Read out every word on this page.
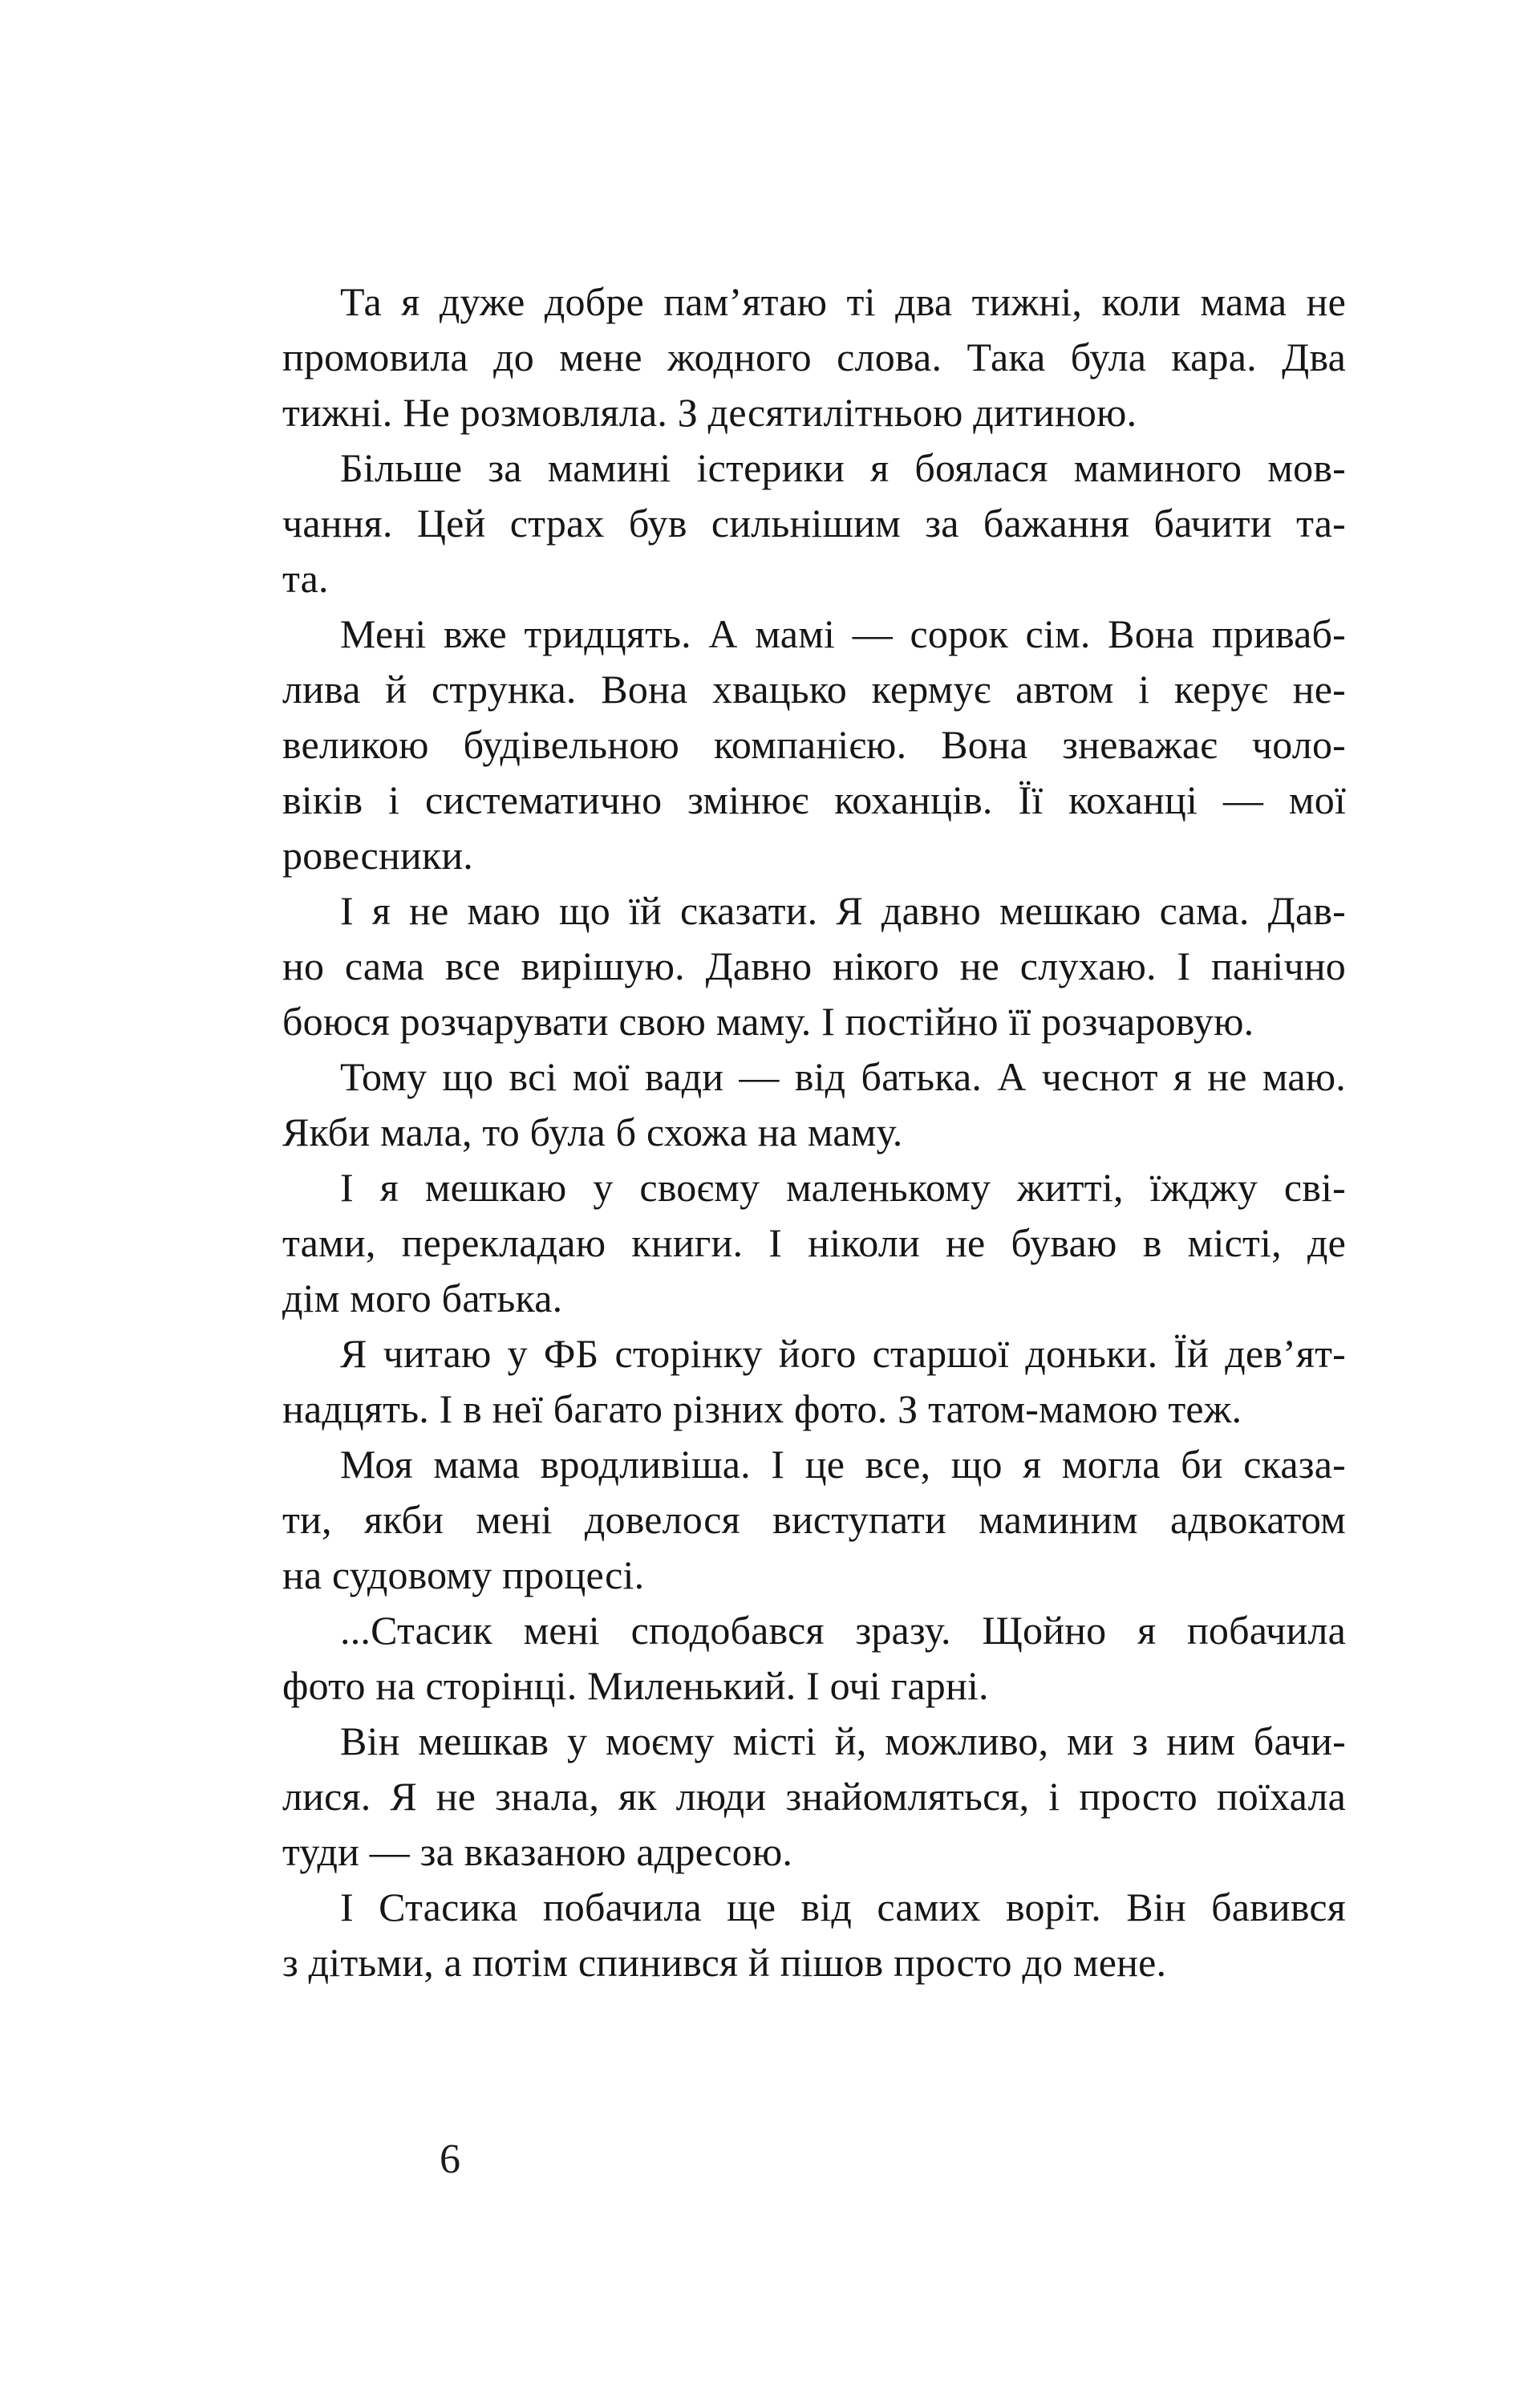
Та я дуже добре пам’ятаю ті два тижні, коли мама не
промовила до мене жодного слова. Така була кара. Два
тижні. Не розмовляла. З десятилітньою дитиною.
Більше за мамині істерики я боялася маминого мов-
чання. Цей страх був сильнішим за бажання бачити та-
та.
Мені вже тридцять. А мамі — сорок сім. Вона приваб-
лива й струнка. Вона хвацько кермує автом і керує не-
великою будівельною компанією. Вона зневажає чоло-
віків і систематично змінює коханців. Її коханці — мої
ровесники.
І я не маю що їй сказати. Я давно мешкаю сама. Дав-
но сама все вирішую. Давно нікого не слухаю. І панічно
боюся розчарувати свою маму. І постійно її розчаровую.
Тому що всі мої вади — від батька. А чеснот я не маю.
Якби мала, то була б схожа на маму.
І я мешкаю у своєму маленькому житті, їжджу сві-
тами, перекладаю книги. І ніколи не буваю в місті, де
дім мого батька.
Я читаю у ФБ сторінку його старшої доньки. Їй дев’ят-
надцять. І в неї багато різних фото. З татом-мамою теж.
Моя мама вродливіша. І це все, що я могла би сказа-
ти, якби мені довелося виступати маминим адвокатом
на судовому процесі.
...Стасик мені сподобався зразу. Щойно я побачила
фото на сторінці. Миленький. І очі гарні.
Він мешкав у моєму місті й, можливо, ми з ним бачи-
лися. Я не знала, як люди знайомляться, і просто поїхала
туди — за вказаною адресою.
І Стасика побачила ще від самих воріт. Він бавився
з дітьми, а потім спинився й пішов просто до мене.
6
